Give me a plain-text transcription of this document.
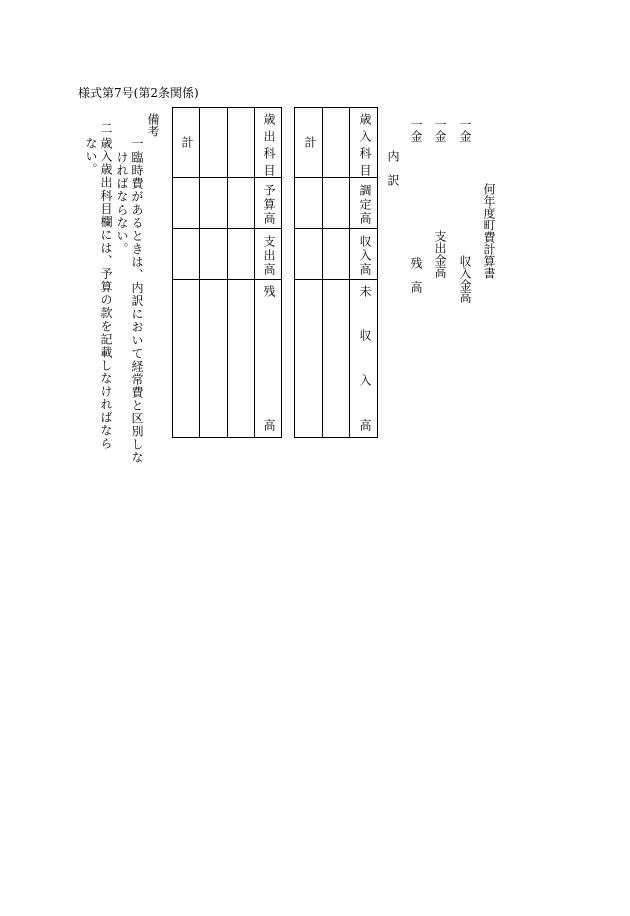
様式第7号(第2条関係)
何年度町費計算書
一金
収入金高
一金
支出金高
一金
残　高
内　訳
歳入科目
調定高
収入高
未
収
入
高
計
歳出科目
予算高
支出高
残
高
計
備考
一
臨時費があるときは、内訳において経常費と区別しな
ければならない。
二
歳入歳出科目欄には、予算の款を記載しなければなら
ない。
